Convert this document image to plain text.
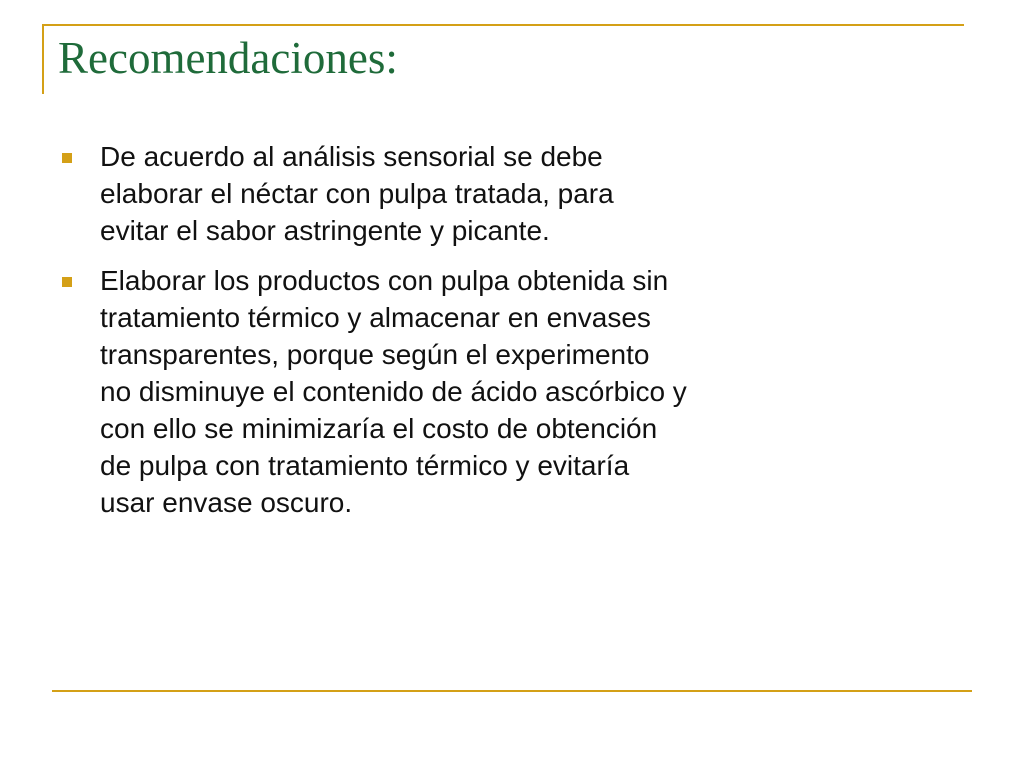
Recomendaciones:

De acuerdo al análisis sensorial se debe
elaborar el néctar con pulpa tratada, para
evitar el sabor astringente y picante.

Elaborar los productos con pulpa obtenida sin
tratamiento térmico y almacenar en envases
transparentes, porque según el experimento
no disminuye el contenido de ácido ascórbico y
con ello se minimizaría el costo de obtención
de pulpa con tratamiento térmico y evitaría
usar envase oscuro.
